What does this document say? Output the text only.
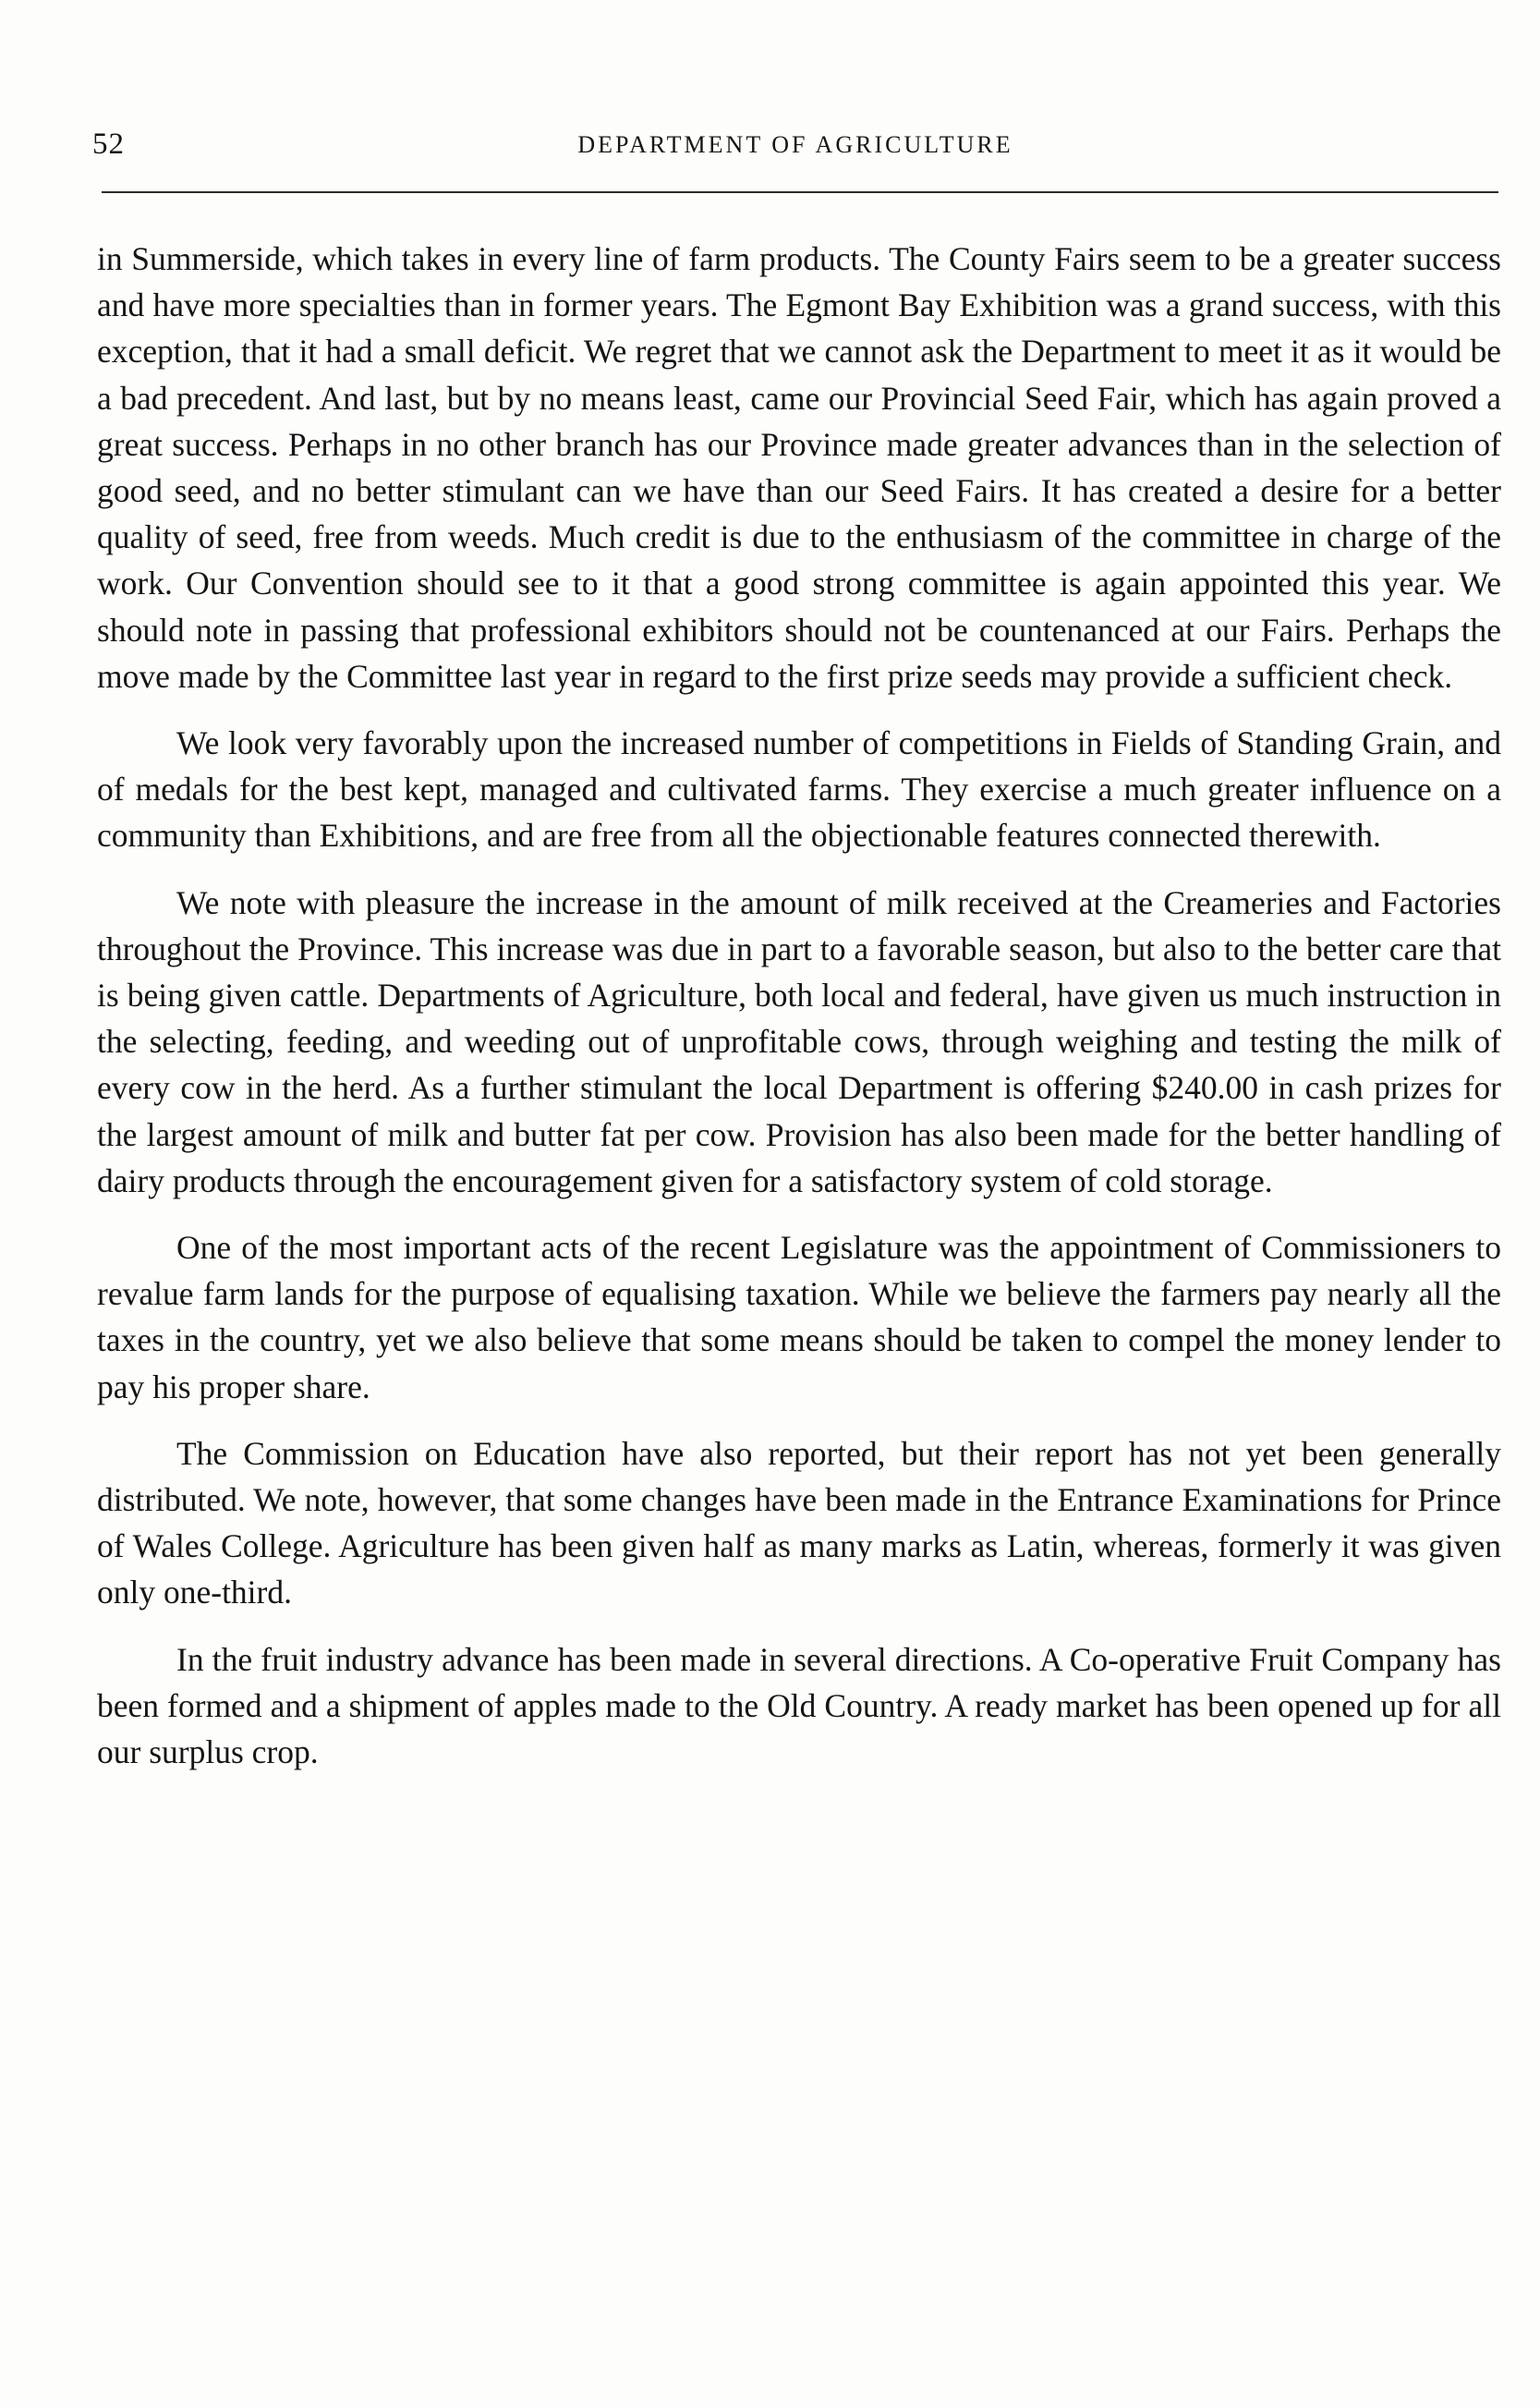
52	DEPARTMENT OF AGRICULTURE

in Summerside, which takes in every line of farm products. The County Fairs seem to be a greater success and have more specialties than in former years. The Egmont Bay Exhibition was a grand success, with this exception, that it had a small deficit. We regret that we cannot ask the Department to meet it as it would be a bad precedent. And last, but by no means least, came our Provincial Seed Fair, which has again proved a great success. Perhaps in no other branch has our Province made greater advances than in the selection of good seed, and no better stimulant can we have than our Seed Fairs. It has created a desire for a better quality of seed, free from weeds. Much credit is due to the enthusiasm of the committee in charge of the work. Our Convention should see to it that a good strong committee is again appointed this year. We should note in passing that professional exhibitors should not be countenanced at our Fairs. Perhaps the move made by the Committee last year in regard to the first prize seeds may provide a sufficient check.

We look very favorably upon the increased number of competitions in Fields of Standing Grain, and of medals for the best kept, managed and cultivated farms. They exercise a much greater influence on a community than Exhibitions, and are free from all the objectionable features connected therewith.

We note with pleasure the increase in the amount of milk received at the Creameries and Factories throughout the Province. This increase was due in part to a favorable season, but also to the better care that is being given cattle. Departments of Agriculture, both local and federal, have given us much instruction in the selecting, feeding, and weeding out of unprofitable cows, through weighing and testing the milk of every cow in the herd. As a further stimulant the local Department is offering $240.00 in cash prizes for the largest amount of milk and butter fat per cow. Provision has also been made for the better handling of dairy products through the encouragement given for a satisfactory system of cold storage.

One of the most important acts of the recent Legislature was the appointment of Commissioners to revalue farm lands for the purpose of equalising taxation. While we believe the farmers pay nearly all the taxes in the country, yet we also believe that some means should be taken to compel the money lender to pay his proper share.

The Commission on Education have also reported, but their report has not yet been generally distributed. We note, however, that some changes have been made in the Entrance Examinations for Prince of Wales College. Agriculture has been given half as many marks as Latin, whereas, formerly it was given only one-third.

In the fruit industry advance has been made in several directions. A Co-operative Fruit Company has been formed and a shipment of apples made to the Old Country. A ready market has been opened up for all our surplus crop.
